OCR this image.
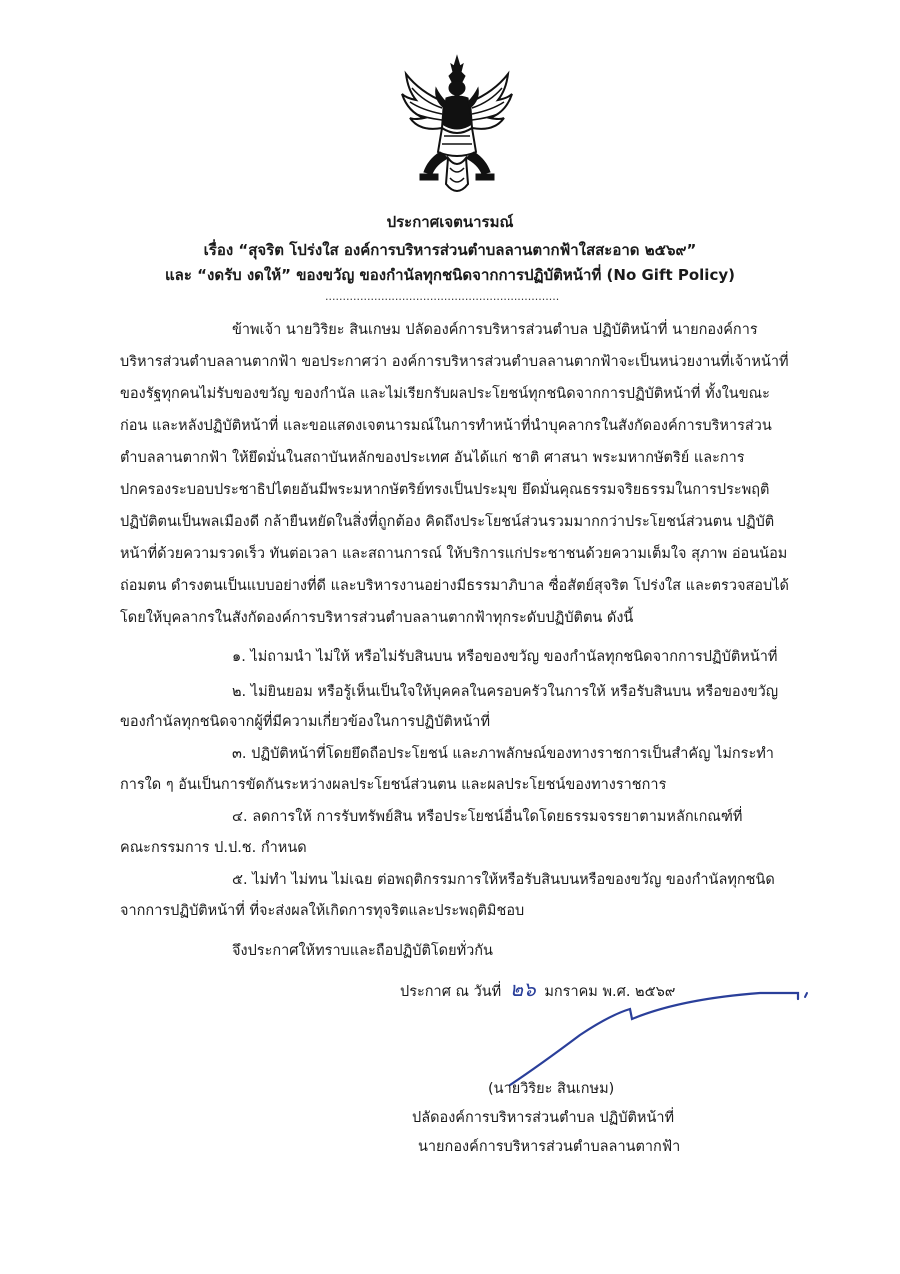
ประกาศเจตนารมณ์
เรื่อง “สุจริต โปร่งใส องค์การบริหารส่วนตำบลลานตากฟ้าใสสะอาด ๒๕๖๙”
และ “งดรับ งดให้” ของขวัญ ของกำนัลทุกชนิดจากการปฏิบัติหน้าที่ (No Gift Policy)
...................................................................
ข้าพเจ้า นายวิริยะ สินเกษม ปลัดองค์การบริหารส่วนตำบล ปฏิบัติหน้าที่ นายกองค์การ
บริหารส่วนตำบลลานตากฟ้า ขอประกาศว่า องค์การบริหารส่วนตำบลลานตากฟ้าจะเป็นหน่วยงานที่เจ้าหน้าที่
ของรัฐทุกคนไม่รับของขวัญ ของกำนัล และไม่เรียกรับผลประโยชน์ทุกชนิดจากการปฏิบัติหน้าที่ ทั้งในขณะ
ก่อน และหลังปฏิบัติหน้าที่ และขอแสดงเจตนารมณ์ในการทำหน้าที่นำบุคลากรในสังกัดองค์การบริหารส่วน
ตำบลลานตากฟ้า ให้ยึดมั่นในสถาบันหลักของประเทศ อันได้แก่ ชาติ ศาสนา พระมหากษัตริย์ และการ
ปกครองระบอบประชาธิปไตยอันมีพระมหากษัตริย์ทรงเป็นประมุข ยึดมั่นคุณธรรมจริยธรรมในการประพฤติ
ปฏิบัติตนเป็นพลเมืองดี กล้ายืนหยัดในสิ่งที่ถูกต้อง คิดถึงประโยชน์ส่วนรวมมากกว่าประโยชน์ส่วนตน ปฏิบัติ
หน้าที่ด้วยความรวดเร็ว ทันต่อเวลา และสถานการณ์ ให้บริการแก่ประชาชนด้วยความเต็มใจ สุภาพ อ่อนน้อม
ถ่อมตน ดำรงตนเป็นแบบอย่างที่ดี และบริหารงานอย่างมีธรรมาภิบาล ซื่อสัตย์สุจริต โปร่งใส และตรวจสอบได้
โดยให้บุคลากรในสังกัดองค์การบริหารส่วนตำบลลานตากฟ้าทุกระดับปฏิบัติตน ดังนี้
๑. ไม่ถามนำ ไม่ให้ หรือไม่รับสินบน หรือของขวัญ ของกำนัลทุกชนิดจากการปฏิบัติหน้าที่
๒. ไม่ยินยอม หรือรู้เห็นเป็นใจให้บุคคลในครอบครัวในการให้ หรือรับสินบน หรือของขวัญ
ของกำนัลทุกชนิดจากผู้ที่มีความเกี่ยวข้องในการปฏิบัติหน้าที่
๓. ปฏิบัติหน้าที่โดยยึดถือประโยชน์ และภาพลักษณ์ของทางราชการเป็นสำคัญ ไม่กระทำ
การใด ๆ อันเป็นการขัดกันระหว่างผลประโยชน์ส่วนตน และผลประโยชน์ของทางราชการ
๔. ลดการให้ การรับทรัพย์สิน หรือประโยชน์อื่นใดโดยธรรมจรรยาตามหลักเกณฑ์ที่
คณะกรรมการ ป.ป.ช. กำหนด
๕. ไม่ทำ ไม่ทน ไม่เฉย ต่อพฤติกรรมการให้หรือรับสินบนหรือของขวัญ ของกำนัลทุกชนิด
จากการปฏิบัติหน้าที่ ที่จะส่งผลให้เกิดการทุจริตและประพฤติมิชอบ
จึงประกาศให้ทราบและถือปฏิบัติโดยทั่วกัน
ประกาศ ณ วันที่ ๒๖ มกราคม พ.ศ. ๒๕๖๙
(นายวิริยะ สินเกษม)
ปลัดองค์การบริหารส่วนตำบล ปฏิบัติหน้าที่
นายกองค์การบริหารส่วนตำบลลานตากฟ้า
